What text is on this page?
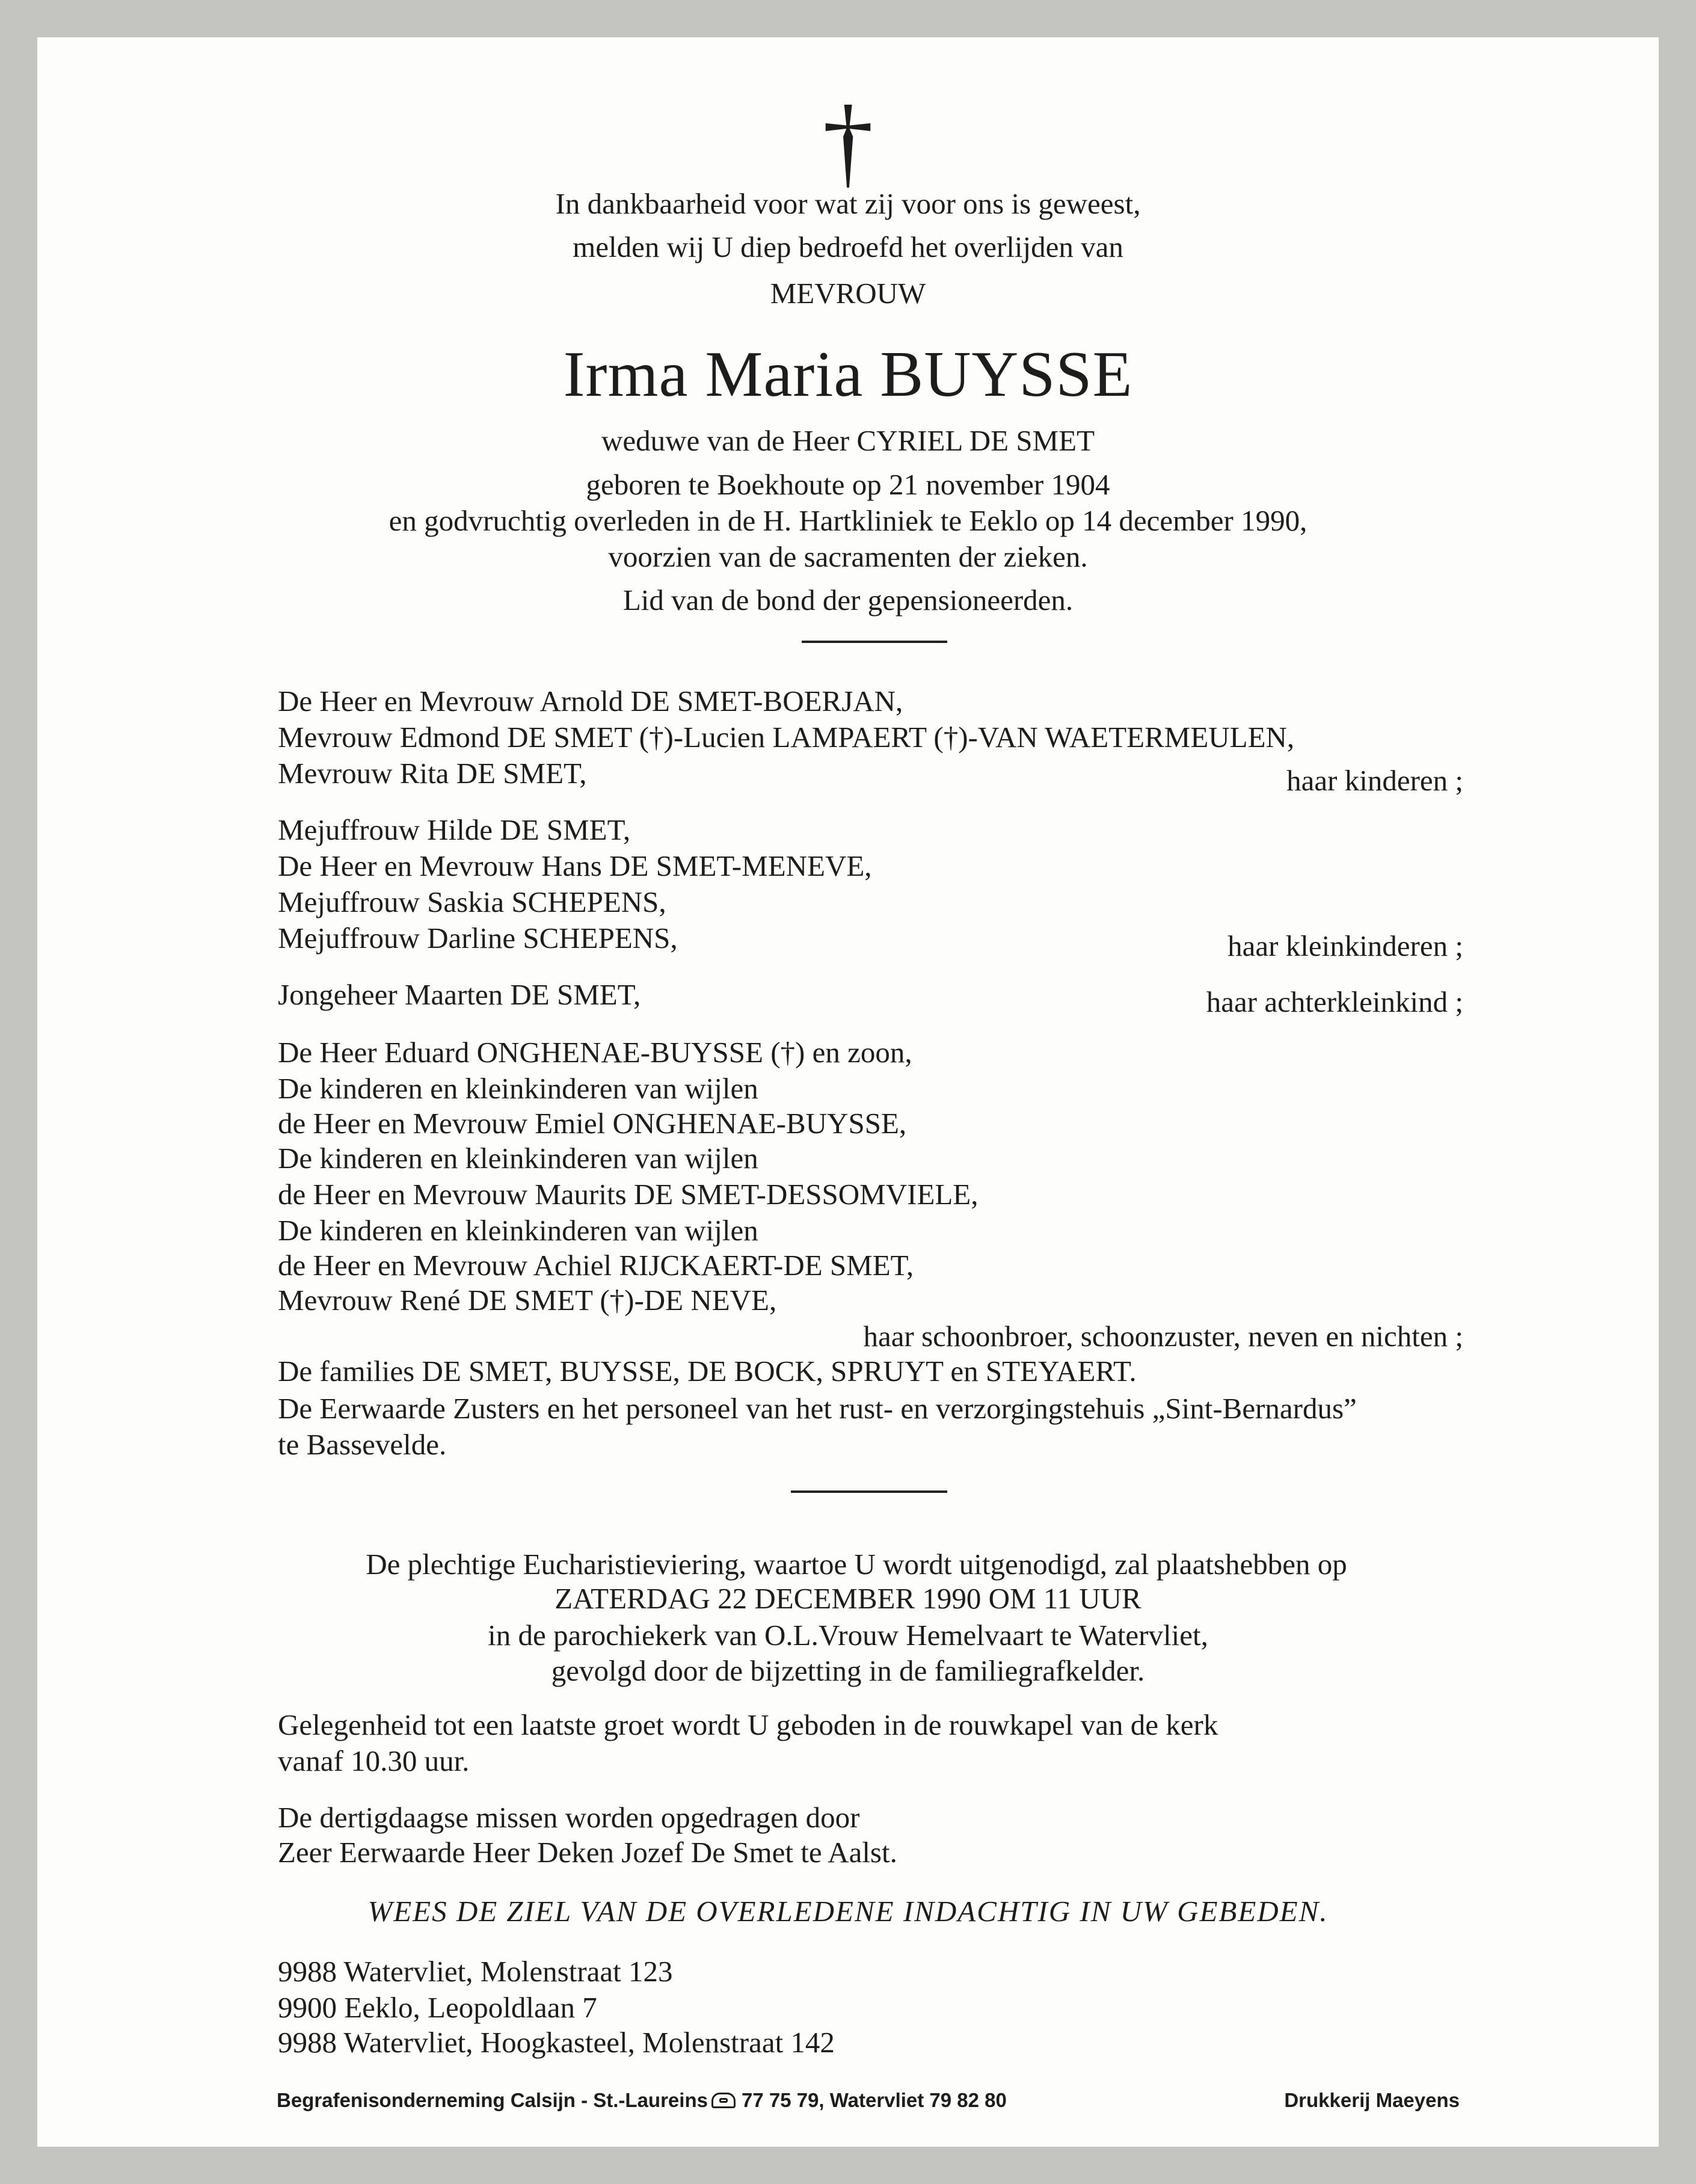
†
In dankbaarheid voor wat zij voor ons is geweest,
melden wij U diep bedroefd het overlijden van
MEVROUW
Irma Maria BUYSSE
weduwe van de Heer CYRIEL DE SMET
geboren te Boekhoute op 21 november 1904
en godvruchtig overleden in de H. Hartkliniek te Eeklo op 14 december 1990,
voorzien van de sacramenten der zieken.
Lid van de bond der gepensioneerden.
De Heer en Mevrouw Arnold DE SMET-BOERJAN,
Mevrouw Edmond DE SMET (†)-Lucien LAMPAERT (†)-VAN WAETERMEULEN,
Mevrouw Rita DE SMET,	haar kinderen ;
Mejuffrouw Hilde DE SMET,
De Heer en Mevrouw Hans DE SMET-MENEVE,
Mejuffrouw Saskia SCHEPENS,
Mejuffrouw Darline SCHEPENS,	haar kleinkinderen ;
Jongeheer Maarten DE SMET,	haar achterkleinkind ;
De Heer Eduard ONGHENAE-BUYSSE (†) en zoon,
De kinderen en kleinkinderen van wijlen
de Heer en Mevrouw Emiel ONGHENAE-BUYSSE,
De kinderen en kleinkinderen van wijlen
de Heer en Mevrouw Maurits DE SMET-DESSOMVIELE,
De kinderen en kleinkinderen van wijlen
de Heer en Mevrouw Achiel RIJCKAERT-DE SMET,
Mevrouw René DE SMET (†)-DE NEVE,
haar schoonbroer, schoonzuster, neven en nichten ;
De families DE SMET, BUYSSE, DE BOCK, SPRUYT en STEYAERT.
De Eerwaarde Zusters en het personeel van het rust- en verzorgingstehuis „Sint-Bernardus”
te Bassevelde.
De plechtige Eucharistieviering, waartoe U wordt uitgenodigd, zal plaatshebben op
ZATERDAG 22 DECEMBER 1990 OM 11 UUR
in de parochiekerk van O.L.Vrouw Hemelvaart te Watervliet,
gevolgd door de bijzetting in de familiegrafkelder.
Gelegenheid tot een laatste groet wordt U geboden in de rouwkapel van de kerk
vanaf 10.30 uur.
De dertigdaagse missen worden opgedragen door
Zeer Eerwaarde Heer Deken Jozef De Smet te Aalst.
WEES DE ZIEL VAN DE OVERLEDENE INDACHTIG IN UW GEBEDEN.
9988 Watervliet, Molenstraat 123
9900 Eeklo, Leopoldlaan 7
9988 Watervliet, Hoogkasteel, Molenstraat 142
Begrafenisonderneming Calsijn - St.-Laureins 77 75 79, Watervliet 79 82 80	Drukkerij Maeyens
